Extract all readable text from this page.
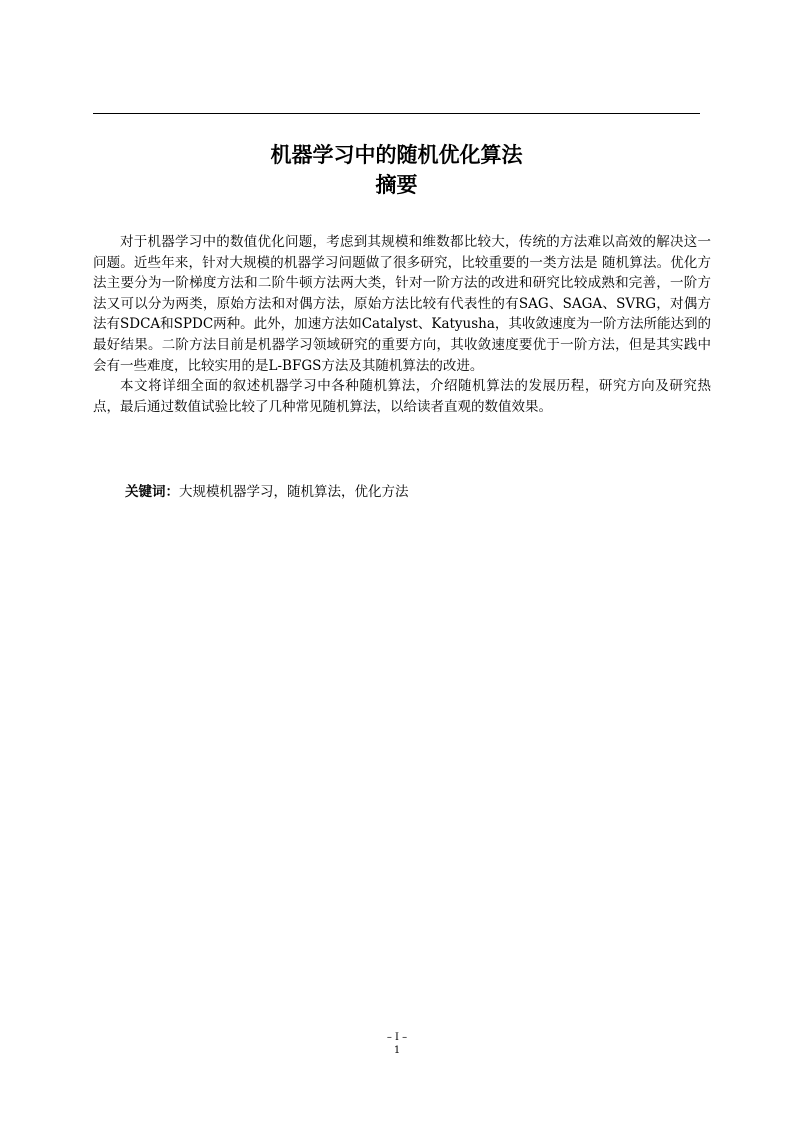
机器学习中的随机优化算法
摘要

对于机器学习中的数值优化问题，考虑到其规模和维数都比较大，传统的方法难以高效的解决这一问题。近些年来，针对大规模的机器学习问题做了很多研究，比较重要的一类方法是 随机算法。优化方法主要分为一阶梯度方法和二阶牛顿方法两大类，针对一阶方法的改进和研究比较成熟和完善，一阶方法又可以分为两类，原始方法和对偶方法，原始方法比较有代表性的有SAG、SAGA、SVRG，对偶方法有SDCA和SPDC两种。此外，加速方法如Catalyst、Katyusha，其收敛速度为一阶方法所能达到的最好结果。二阶方法目前是机器学习领域研究的重要方向，其收敛速度要优于一阶方法，但是其实践中会有一些难度，比较实用的是L-BFGS方法及其随机算法的改进。

本文将详细全面的叙述机器学习中各种随机算法，介绍随机算法的发展历程，研究方向及研究热点，最后通过数值试验比较了几种常见随机算法，以给读者直观的数值效果。

关键词：大规模机器学习，随机算法，优化方法
– I –
1
